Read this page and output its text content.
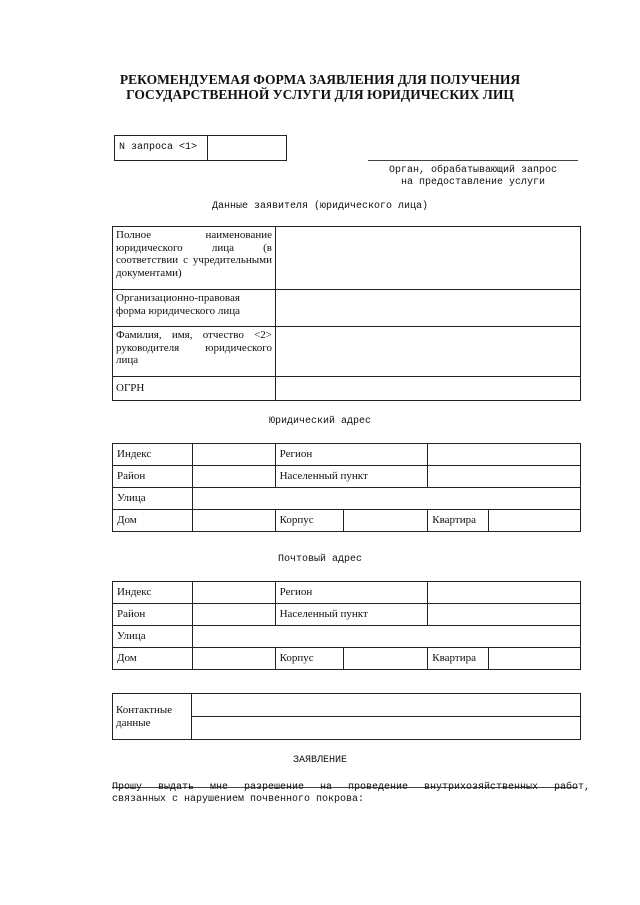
РЕКОМЕНДУЕМАЯ ФОРМА ЗАЯВЛЕНИЯ ДЛЯ ПОЛУЧЕНИЯ
ГОСУДАРСТВЕННОЙ УСЛУГИ ДЛЯ ЮРИДИЧЕСКИХ ЛИЦ
N запроса <1>	
Орган, обрабатывающий запрос
на предоставление услуги
Данные заявителя (юридического лица)
Полное наименование юридического лица (в соответствии с учредительными документами)	
Организационно-правовая форма юридического лица	
Фамилия, имя, отчество <2> руководителя юридического лица	
ОГРН	
Юридический адрес
Индекс		Регион			
Район		Населенный пункт			
Улица					
Дом		Корпус		Квартира	
Почтовый адрес
Индекс		Регион			
Район		Населенный пункт			
Улица					
Дом		Корпус		Квартира	
Контактные данные	

ЗАЯВЛЕНИЕ
Прошу выдать мне разрешение на проведение внутрихозяйственных работ,
связанных с нарушением почвенного покрова:
